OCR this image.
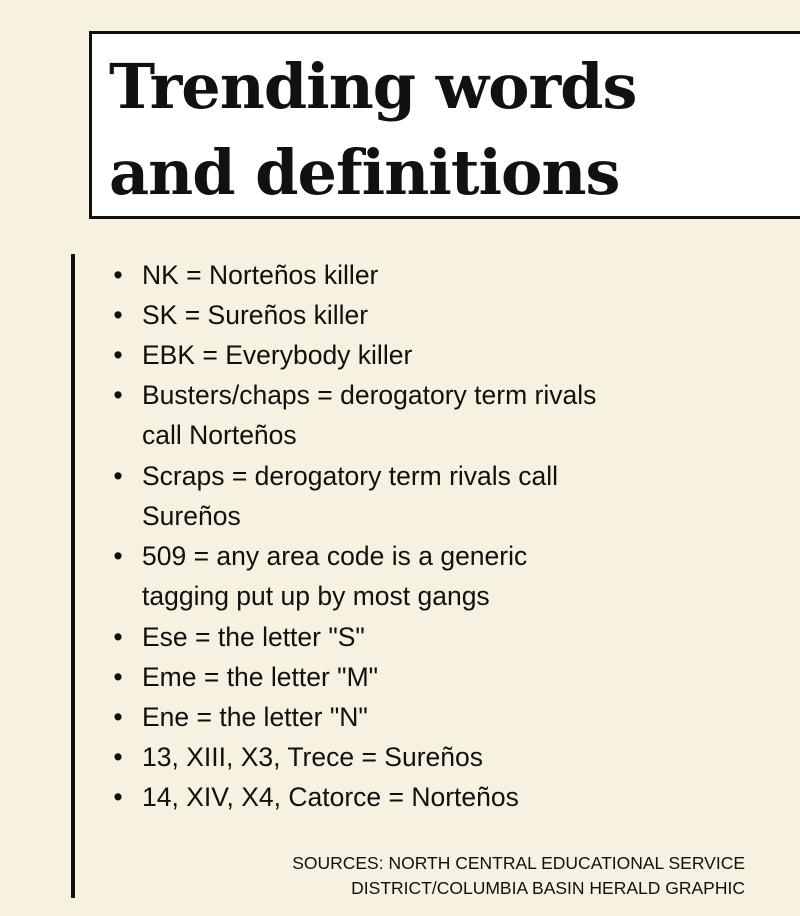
Trending words
and definitions
• NK = Norteños killer
• SK = Sureños killer
• EBK = Everybody killer
• Busters/chaps = derogatory term rivals
call Norteños
• Scraps = derogatory term rivals call
Sureños
• 509 = any area code is a generic
tagging put up by most gangs
• Ese = the letter "S"
• Eme = the letter "M"
• Ene = the letter "N"
• 13, XIII, X3, Trece = Sureños
• 14, XIV, X4, Catorce = Norteños
SOURCES: NORTH CENTRAL EDUCATIONAL SERVICE
DISTRICT/COLUMBIA BASIN HERALD GRAPHIC
